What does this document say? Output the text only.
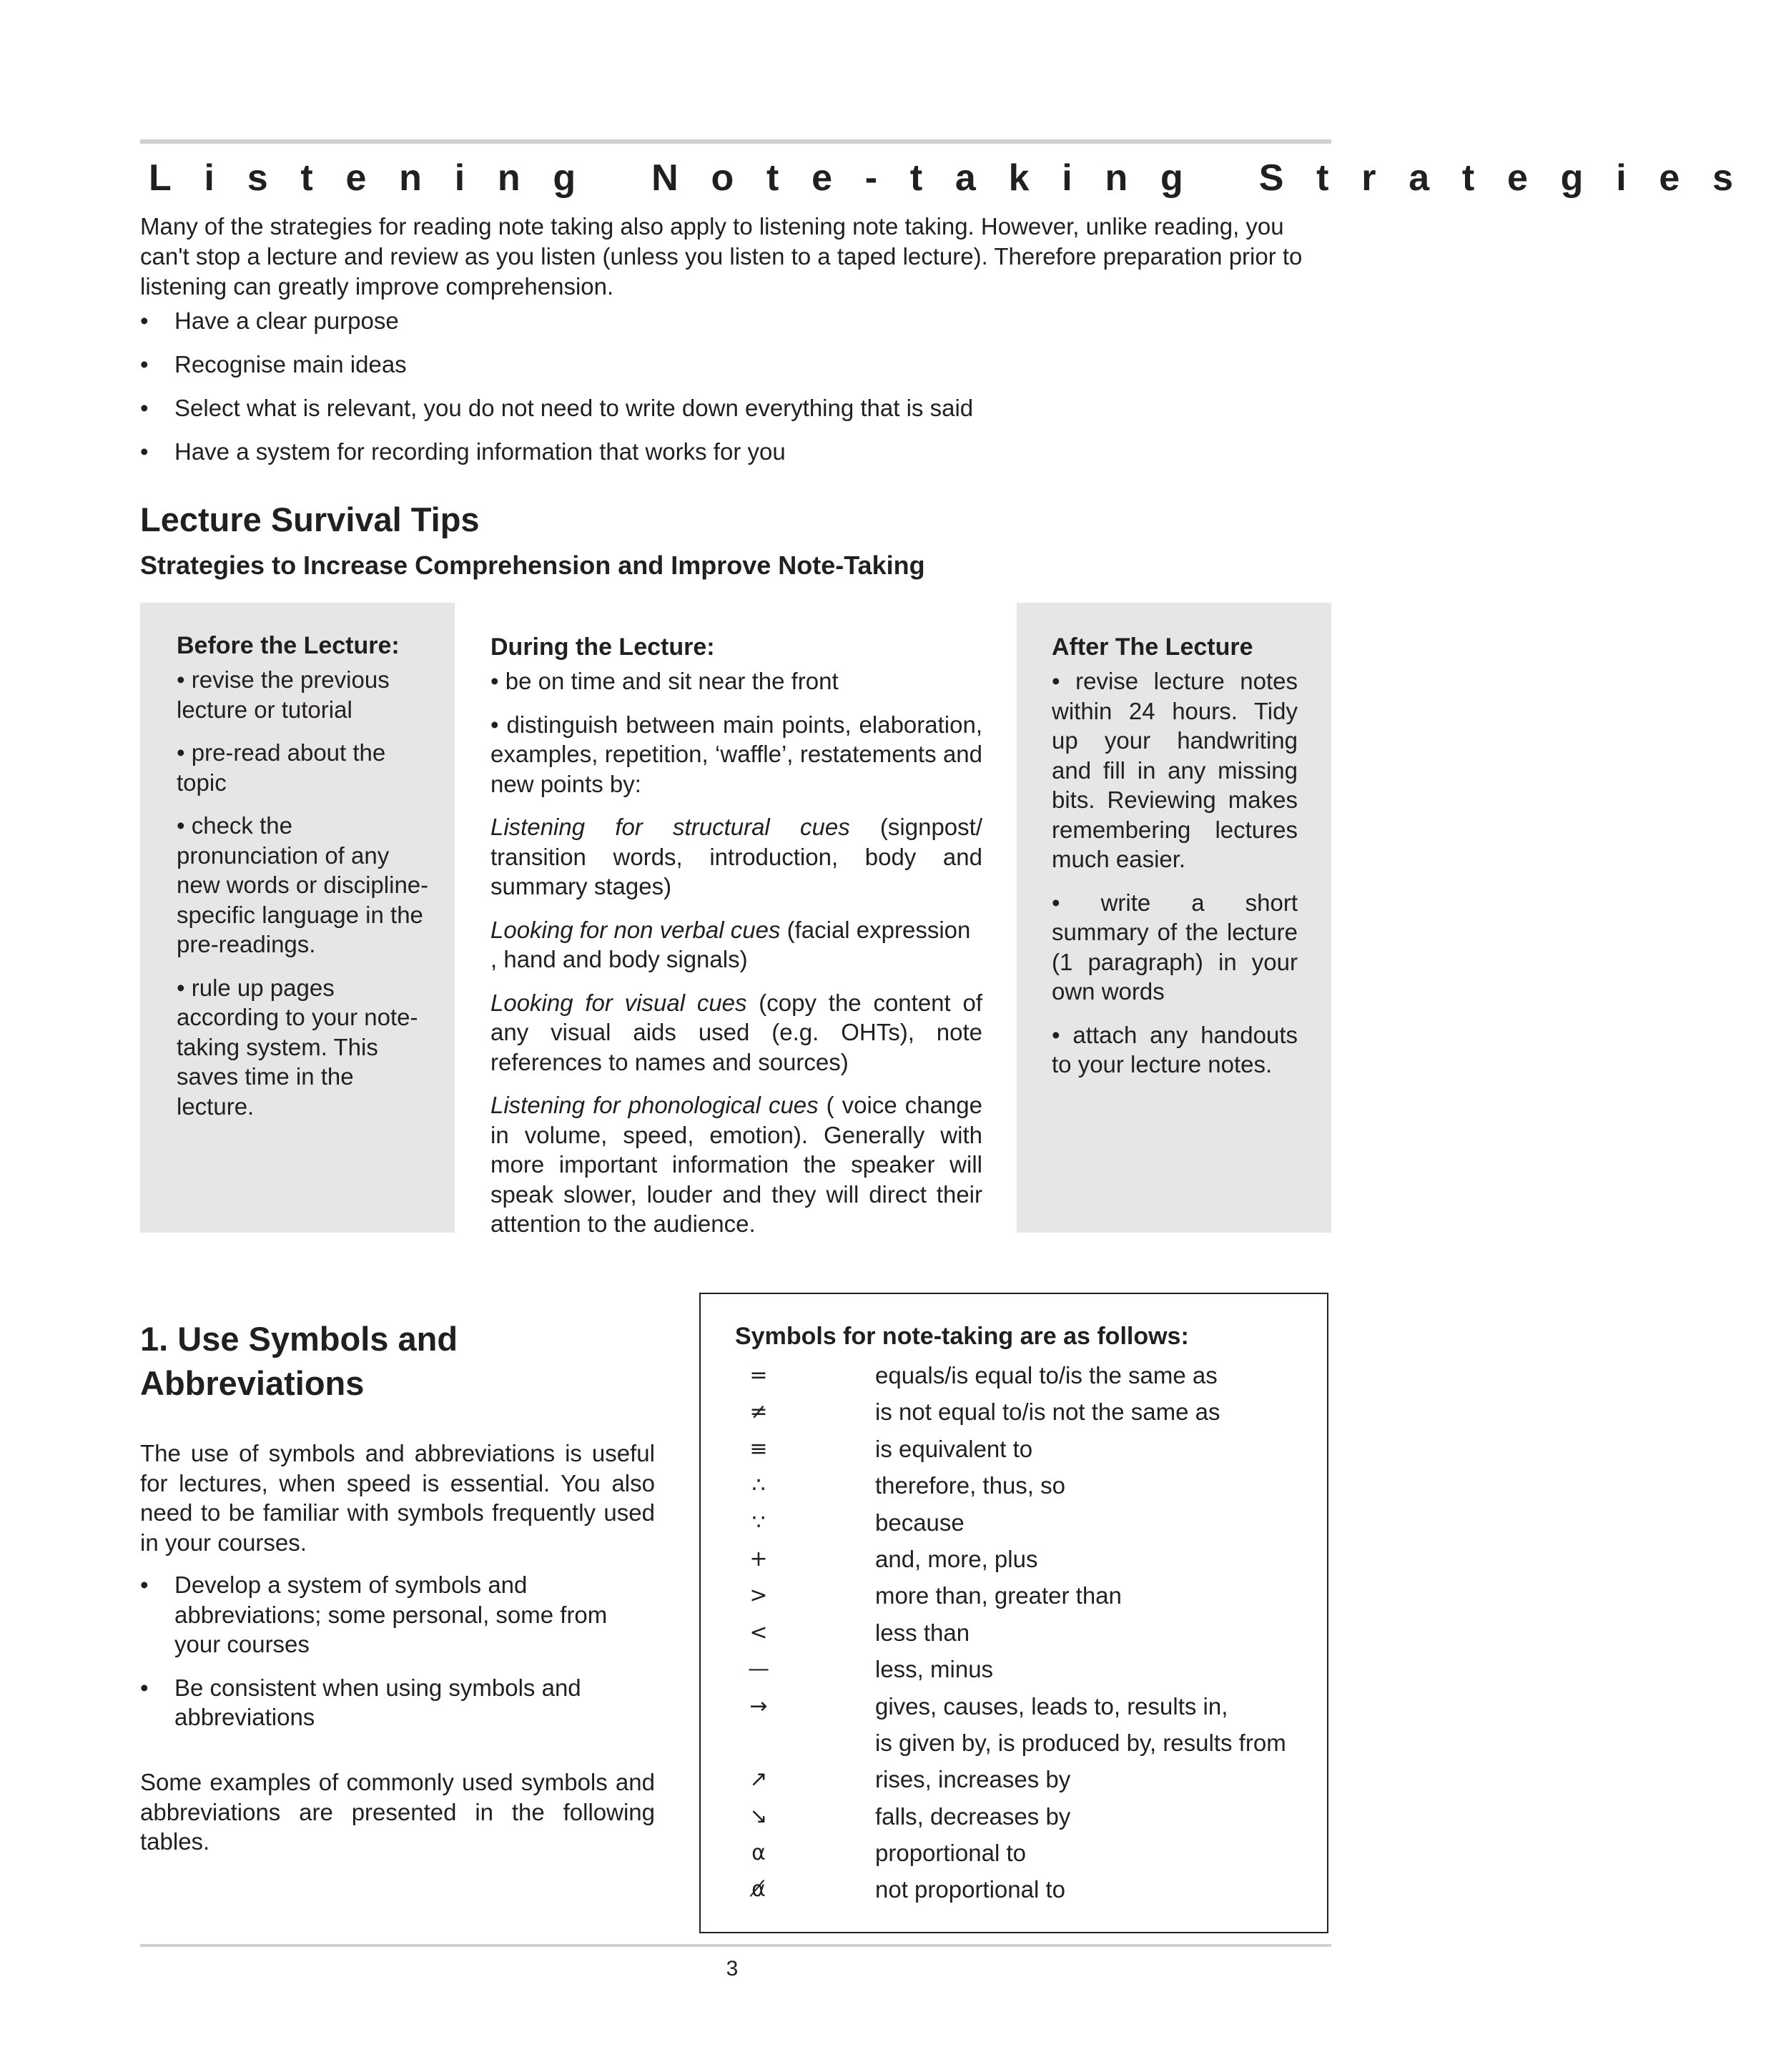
Listening Note-taking Strategies

Many of the strategies for reading note taking also apply to listening note taking. However, unlike reading, you can't stop a lecture and review as you listen (unless you listen to a taped lecture). Therefore preparation prior to listening can greatly improve comprehension.

• Have a clear purpose
• Recognise main ideas
• Select what is relevant, you do not need to write down everything that is said
• Have a system for recording information that works for you
Lecture Survival Tips
Strategies to Increase Comprehension and Improve Note-Taking
Before the Lecture:

• revise the previous lecture or tutorial

• pre-read about the topic

• check the pronunciation of any new words or discipline-specific language in the pre-readings.

• rule up pages according to your note-taking system. This saves time in the lecture.

During the Lecture:

• be on time and sit near the front

• distinguish between main points, elaboration, examples, repetition, ‘waffle’, restatements and new points by:

Listening for structural cues (signpost/ transition words, introduction, body and summary stages)

Looking for non verbal cues (facial expression , hand and body signals)

Looking for visual cues (copy the content of any visual aids used (e.g. OHTs), note references to names and sources)

Listening for phonological cues ( voice change in volume, speed, emotion). Generally with more important information the speaker will speak slower, louder and they will direct their attention to the audience.

After The Lecture

• revise lecture notes within 24 hours. Tidy up your handwriting and fill in any missing bits. Reviewing makes remembering lectures much easier.

• write a short summary of the lecture (1 paragraph) in your own words

• attach any handouts to your lecture notes.

1. Use Symbols and Abbreviations

The use of symbols and abbreviations is useful for lectures, when speed is essential. You also need to be familiar with symbols frequently used in your courses.

• Develop a system of symbols and abbreviations; some personal, some from your courses
• Be consistent when using symbols and abbreviations

Some examples of commonly used symbols and abbreviations are presented in the following tables.

Symbols for note-taking are as follows:
=	equals/is equal to/is the same as
≠	is not equal to/is not the same as
≡	is equivalent to
∴	therefore, thus, so
∵	because
+	and, more, plus
>	more than, greater than
<	less than
—	less, minus
→	gives, causes, leads to, results in,
is given by, is produced by, results from
↗	rises, increases by
↘	falls, decreases by
α	proportional to
α̸	not proportional to
3
